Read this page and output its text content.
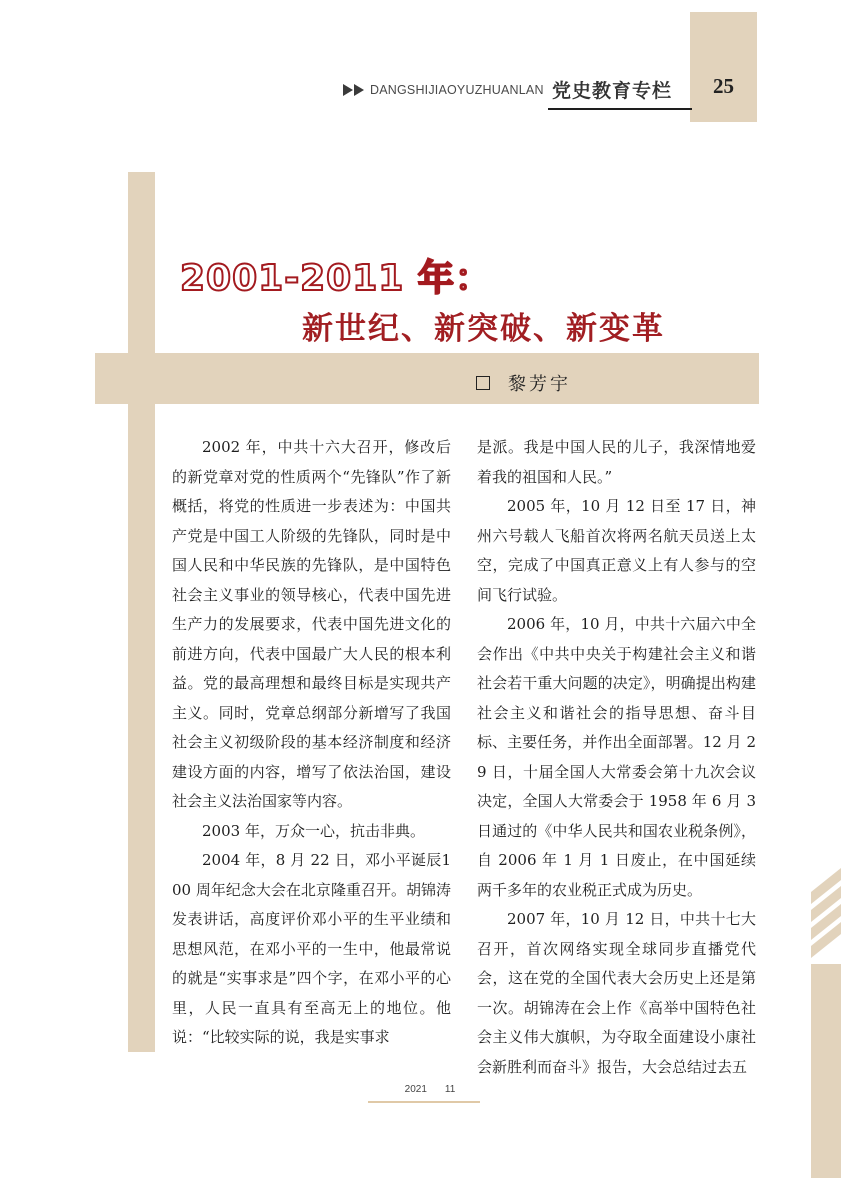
25
DANGSHIJIAOYUZHUANLAN 党史教育专栏
2001-2011 年：
新世纪、新突破、新变革
黎芳宇

2002 年，中共十六大召开，修改后的新党章对党的性质两个“先锋队”作了新概括，将党的性质进一步表述为：中国共产党是中国工人阶级的先锋队，同时是中国人民和中华民族的先锋队，是中国特色社会主义事业的领导核心，代表中国先进生产力的发展要求，代表中国先进文化的前进方向，代表中国最广大人民的根本利益。党的最高理想和最终目标是实现共产主义。同时，党章总纲部分新增写了我国社会主义初级阶段的基本经济制度和经济建设方面的内容，增写了依法治国，建设社会主义法治国家等内容。

2003 年，万众一心，抗击非典。

2004 年，8 月 22 日，邓小平诞辰100 周年纪念大会在北京隆重召开。胡锦涛发表讲话，高度评价邓小平的生平业绩和思想风范，在邓小平的一生中，他最常说的就是“实事求是”四个字，在邓小平的心里，人民一直具有至高无上的地位。他说：“比较实际的说，我是实事求

是派。我是中国人民的儿子，我深情地爱着我的祖国和人民。”

2005 年，10 月 12 日至 17 日，神州六号载人飞船首次将两名航天员送上太空，完成了中国真正意义上有人参与的空间飞行试验。

2006 年，10 月，中共十六届六中全会作出《中共中央关于构建社会主义和谐社会若干重大问题的决定》，明确提出构建社会主义和谐社会的指导思想、奋斗目标、主要任务，并作出全面部署。12 月 29 日，十届全国人大常委会第十九次会议决定，全国人大常委会于 1958 年 6 月 3 日通过的《中华人民共和国农业税条例》，自 2006 年 1 月 1 日废止，在中国延续两千多年的农业税正式成为历史。

2007 年，10 月 12 日，中共十七大召开，首次网络实现全球同步直播党代会，这在党的全国代表大会历史上还是第一次。胡锦涛在会上作《高举中国特色社会主义伟大旗帜，为夺取全面建设小康社会新胜利而奋斗》报告，大会总结过去五

2021 11
